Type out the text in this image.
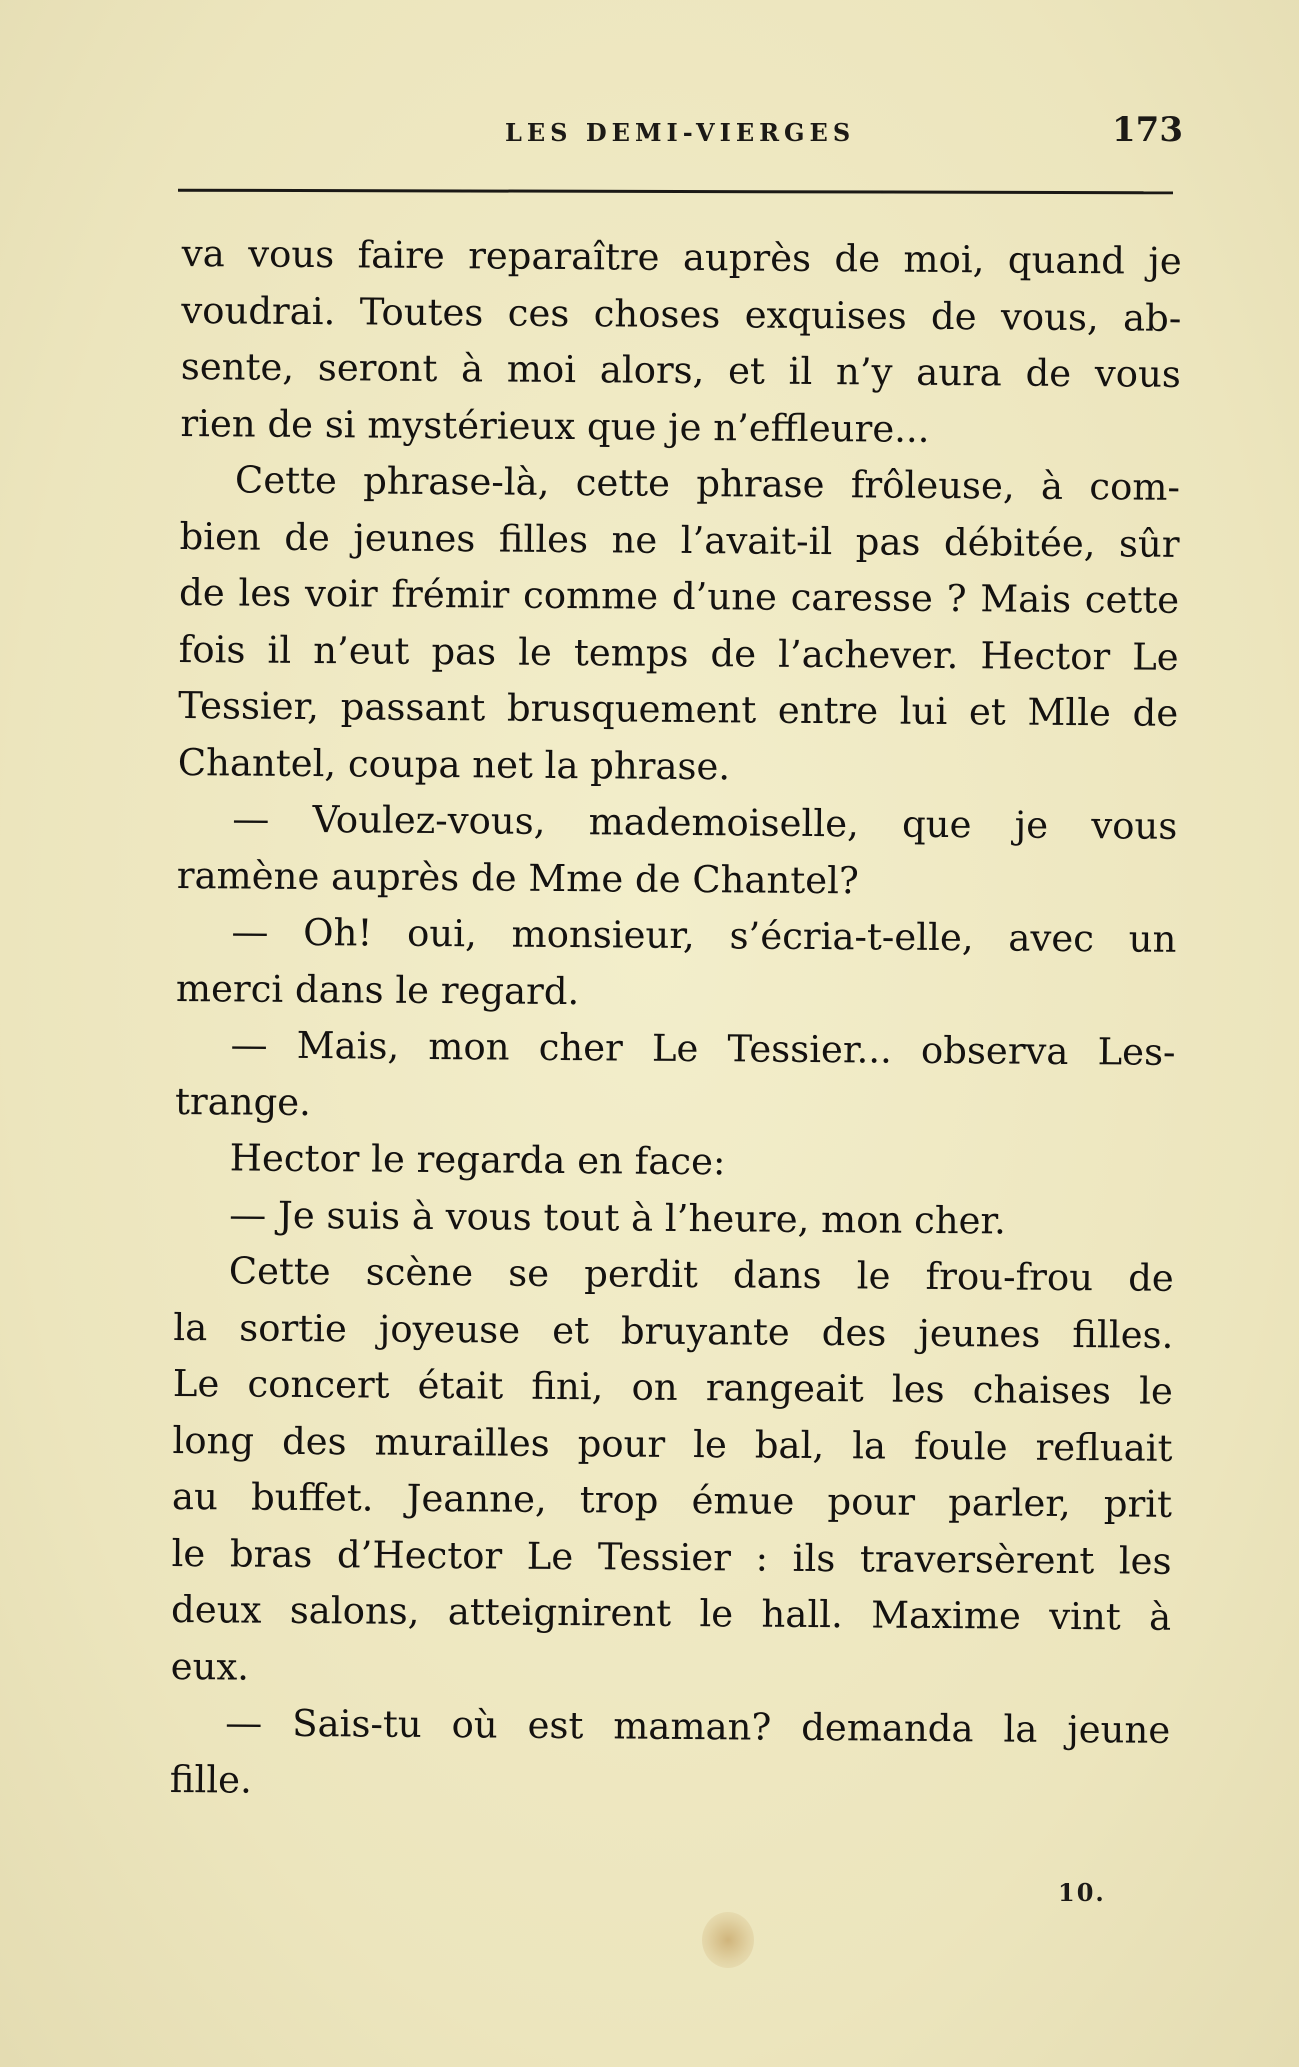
LES DEMI-VIERGES	173
va vous faire reparaître auprès de moi, quand je
voudrai. Toutes ces choses exquises de vous, ab-
sente, seront à moi alors, et il n’y aura de vous
rien de si mystérieux que je n’effleure...
Cette phrase-là, cette phrase frôleuse, à com-
bien de jeunes filles ne l’avait-il pas débitée, sûr
de les voir frémir comme d’une caresse ? Mais cette
fois il n’eut pas le temps de l’achever. Hector Le
Tessier, passant brusquement entre lui et Mlle de
Chantel, coupa net la phrase.
— Voulez-vous, mademoiselle, que je vous
ramène auprès de Mme de Chantel?
— Oh! oui, monsieur, s’écria-t-elle, avec un
merci dans le regard.
— Mais, mon cher Le Tessier... observa Les-
trange.
Hector le regarda en face:
— Je suis à vous tout à l’heure, mon cher.
Cette scène se perdit dans le frou-frou de
la sortie joyeuse et bruyante des jeunes filles.
Le concert était fini, on rangeait les chaises le
long des murailles pour le bal, la foule refluait
au buffet. Jeanne, trop émue pour parler, prit
le bras d’Hector Le Tessier : ils traversèrent les
deux salons, atteignirent le hall. Maxime vint à
eux.
— Sais-tu où est maman? demanda la jeune
fille.
10.
